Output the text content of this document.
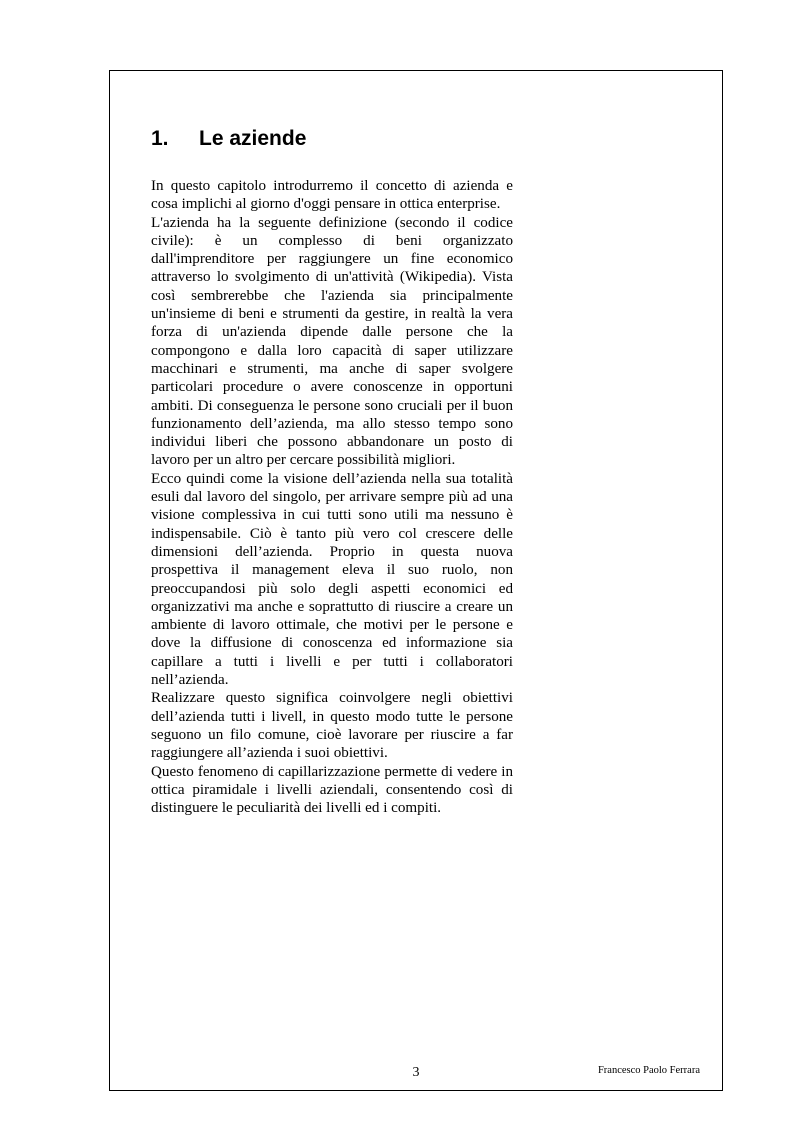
1. Le aziende

In questo capitolo introdurremo il concetto di azienda e cosa implichi al giorno d'oggi pensare in ottica enterprise.

L'azienda ha la seguente definizione (secondo il codice civile): è un complesso di beni organizzato dall'imprenditore per raggiungere un fine economico attraverso lo svolgimento di un'attività (Wikipedia). Vista così sembrerebbe che l'azienda sia principalmente un'insieme di beni e strumenti da gestire, in realtà la vera forza di un'azienda dipende dalle persone che la compongono e dalla loro capacità di saper utilizzare macchinari e strumenti, ma anche di saper svolgere particolari procedure o avere conoscenze in opportuni ambiti. Di conseguenza le persone sono cruciali per il buon funzionamento dell’azienda, ma allo stesso tempo sono individui liberi che possono abbandonare un posto di lavoro per un altro per cercare possibilità migliori.

Ecco quindi come la visione dell’azienda nella sua totalità esuli dal lavoro del singolo, per arrivare sempre più ad una visione complessiva in cui tutti sono utili ma nessuno è indispensabile. Ciò è tanto più vero col crescere delle dimensioni dell’azienda. Proprio in questa nuova prospettiva il management eleva il suo ruolo, non preoccupandosi più solo degli aspetti economici ed organizzativi ma anche e soprattutto di riuscire a creare un ambiente di lavoro ottimale, che motivi per le persone e dove la diffusione di conoscenza ed informazione sia capillare a tutti i livelli e per tutti i collaboratori nell’azienda.

Realizzare questo significa coinvolgere negli obiettivi dell’azienda tutti i livell, in questo modo tutte le persone seguono un filo comune, cioè lavorare per riuscire a far raggiungere all’azienda i suoi obiettivi.

Questo fenomeno di capillarizzazione permette di vedere in ottica piramidale i livelli aziendali, consentendo così di distinguere le peculiarità dei livelli ed i compiti.

3	Francesco Paolo Ferrara
